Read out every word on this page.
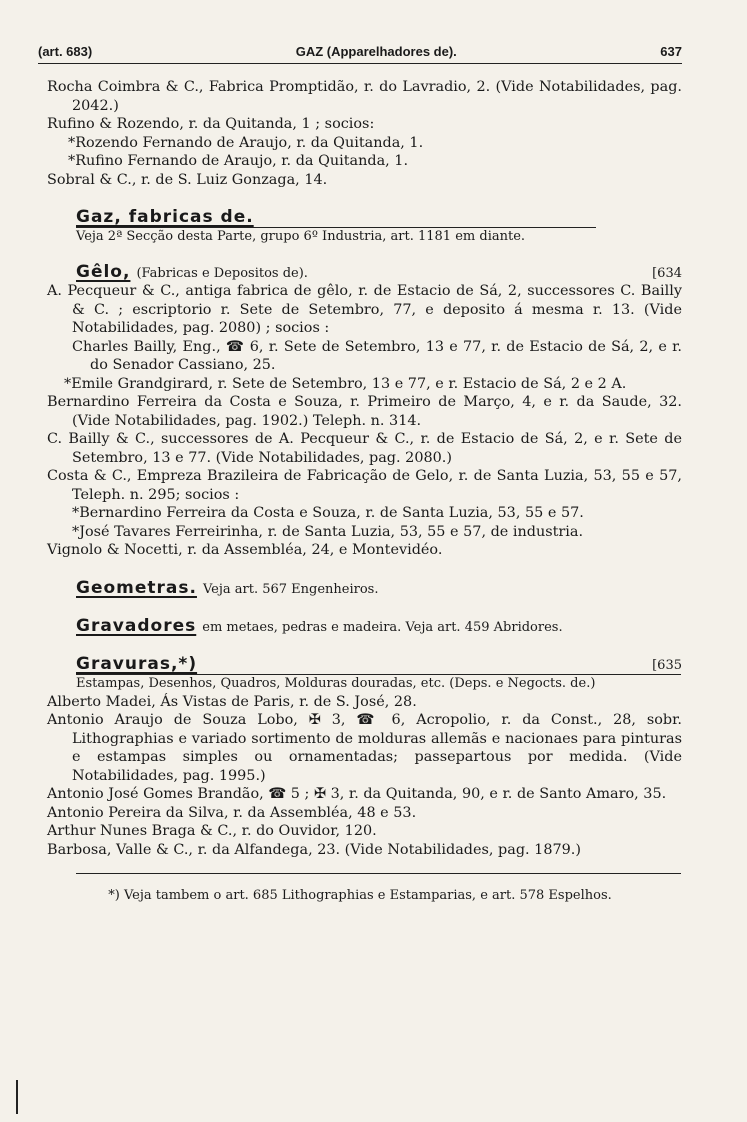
(art. 683)	GAZ (Apparelhadores de).	637

Rocha Coimbra & C., Fabrica Promptidão, r. do Lavradio, 2. (Vide Notabilidades, pag. 2042.)

Rufino & Rozendo, r. da Quitanda, 1 ; socios:

*Rozendo Fernando de Araujo, r. da Quitanda, 1.

*Rufino Fernando de Araujo, r. da Quitanda, 1.

Sobral & C., r. de S. Luiz Gonzaga, 14.

Gaz, fabricas de.
Veja 2ª Secção desta Parte, grupo 6º Industria, art. 1181 em diante.
Gêlo, (Fabricas e Depositos de).	[634

A. Pecqueur & C., antiga fabrica de gêlo, r. de Estacio de Sá, 2, successores C. Bailly & C. ; escriptorio r. Sete de Setembro, 77, e deposito á mesma r. 13. (Vide Notabilidades, pag. 2080) ; socios :

Charles Bailly, Eng., ☎ 6, r. Sete de Setembro, 13 e 77, r. de Estacio de Sá, 2, e r. do Senador Cassiano, 25.

*Emile Grandgirard, r. Sete de Setembro, 13 e 77, e r. Estacio de Sá, 2 e 2 A.

Bernardino Ferreira da Costa e Souza, r. Primeiro de Março, 4, e r. da Saude, 32. (Vide Notabilidades, pag. 1902.) Teleph. n. 314.

C. Bailly & C., successores de A. Pecqueur & C., r. de Estacio de Sá, 2, e r. Sete de Setembro, 13 e 77. (Vide Notabilidades, pag. 2080.)

Costa & C., Empreza Brazileira de Fabricação de Gelo, r. de Santa Luzia, 53, 55 e 57, Teleph. n. 295; socios :

*Bernardino Ferreira da Costa e Souza, r. de Santa Luzia, 53, 55 e 57.

*José Tavares Ferreirinha, r. de Santa Luzia, 53, 55 e 57, de industria.

Vignolo & Nocetti, r. da Assembléa, 24, e Montevidéo.

Geometras. Veja art. 567 Engenheiros.
Gravadores em metaes, pedras e madeira. Veja art. 459 Abridores.
Gravuras,*)	[635
Estampas, Desenhos, Quadros, Molduras douradas, etc. (Deps. e Negocts. de.)

Alberto Madei, Ás Vistas de Paris, r. de S. José, 28.

Antonio Araujo de Souza Lobo, ✠ 3, ☎ 6, Acropolio, r. da Const., 28, sobr. Lithographias e variado sortimento de molduras allemãs e nacionaes para pinturas e estampas simples ou ornamentadas; passepartous por medida. (Vide Notabilidades, pag. 1995.)

Antonio José Gomes Brandão, ☎ 5 ; ✠ 3, r. da Quitanda, 90, e r. de Santo Amaro, 35.

Antonio Pereira da Silva, r. da Assembléa, 48 e 53.

Arthur Nunes Braga & C., r. do Ouvidor, 120.

Barbosa, Valle & C., r. da Alfandega, 23. (Vide Notabilidades, pag. 1879.)

*) Veja tambem o art. 685 Lithographias e Estamparias, e art. 578 Espelhos.
